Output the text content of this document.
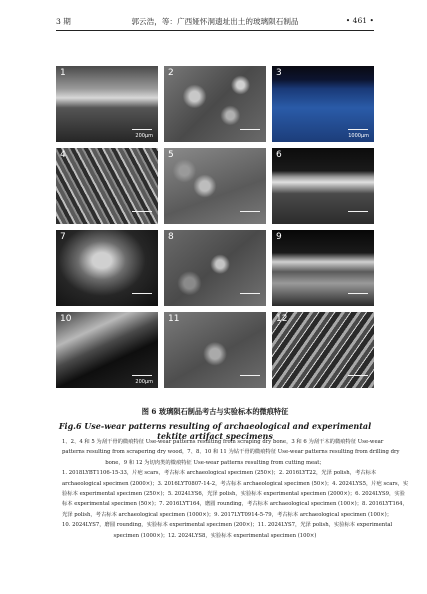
3 期	郭云浩，等：广西娅怀洞遗址出土的玻璃陨石制品	• 461 •
1
200μm
2	3
1000μm
4	5	6
7	8	9
10
200μm
11	12
图 6 玻璃陨石制品考古与实验标本的微痕特征
Fig.6 Use-wear patterns resulting of archaeological and experimental tektite artifact specimens

1、2、4 和 5 为刮干骨的微痕特征 Use-wear patterns resulting from scraping dry bone，3 和 6 为刮干木的微痕特征 Use-wear

patterns resulting from scrapering dry wood，7、8、10 和 11 为钻干骨的微痕特征 Use-wear patterns resulting from drilling dry

bone，9 和 12 为切肉类的微痕特征 Use-wear patterns resulting from cutting meat；

1. 2018LYBT1106-15-33，片疤 scars，考古标本 archaeological specimen (250×)；2. 2016LYT22，光泽 polish，考古标本

archaeological specimen (2000×)；3. 2016LYT0807-14-2，考古标本 archaeological specimen (50×)；4. 2024LYS5，片疤 scars，实

验标本 experimental specimen (250×)；5. 2024LYS6，光泽 polish，实验标本 experimental specimen (2000×)；6. 2024LYS9，实验

标本 experimental specimen (50×)；7. 2016LYT164，磨圆 rounding，考古标本 archaeological specimen (100×)；8. 2016LYT164，

光泽 polish，考古标本 archaeological specimen (1000×)；9. 2017LYT0914-5-79，考古标本 archaeological specimen (100×)；

10. 2024LYS7，磨圆 rounding，实验标本 experimental specimen (200×)；11. 2024LYS7，光泽 polish，实验标本 experimental

specimen (1000×)；12. 2024LYS8，实验标本 experimental specimen (100×)
